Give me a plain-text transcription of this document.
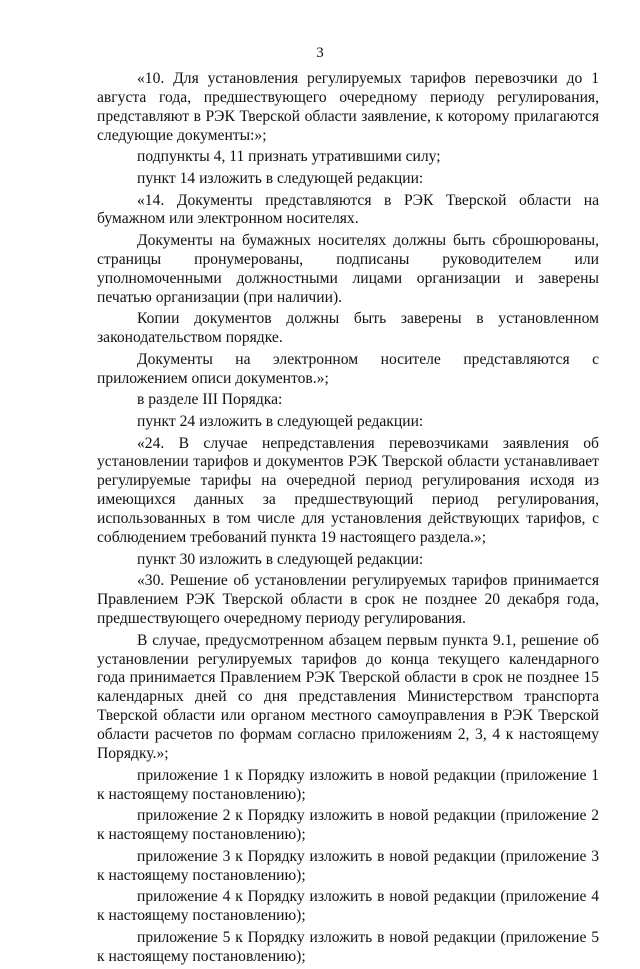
3

«10. Для установления регулируемых тарифов перевозчики до 1 августа года, предшествующего очередному периоду регулирования, представляют в РЭК Тверской области заявление, к которому прилагаются следующие документы:»;

подпункты 4, 11 признать утратившими силу;

пункт 14 изложить в следующей редакции:

«14. Документы представляются в РЭК Тверской области на бумажном или электронном носителях.

Документы на бумажных носителях должны быть сброшюрованы, страницы пронумерованы, подписаны руководителем или уполномоченными должностными лицами организации и заверены печатью организации (при наличии).

Копии документов должны быть заверены в установленном законодательством порядке.

Документы на электронном носителе представляются с приложением описи документов.»;

в разделе III Порядка:

пункт 24 изложить в следующей редакции:

«24. В случае непредставления перевозчиками заявления об установлении тарифов и документов РЭК Тверской области устанавливает регулируемые тарифы на очередной период регулирования исходя из имеющихся данных за предшествующий период регулирования, использованных в том числе для установления действующих тарифов, с соблюдением требований пункта 19 настоящего раздела.»;

пункт 30 изложить в следующей редакции:

«30. Решение об установлении регулируемых тарифов принимается Правлением РЭК Тверской области в срок не позднее 20 декабря года, предшествующего очередному периоду регулирования.

В случае, предусмотренном абзацем первым пункта 9.1, решение об установлении регулируемых тарифов до конца текущего календарного года принимается Правлением РЭК Тверской области в срок не позднее 15 календарных дней со дня представления Министерством транспорта Тверской области или органом местного самоуправления в РЭК Тверской области расчетов по формам согласно приложениям 2, 3, 4 к настоящему Порядку.»;

приложение 1 к Порядку изложить в новой редакции (приложение 1 к настоящему постановлению);

приложение 2 к Порядку изложить в новой редакции (приложение 2 к настоящему постановлению);

приложение 3 к Порядку изложить в новой редакции (приложение 3 к настоящему постановлению);

приложение 4 к Порядку изложить в новой редакции (приложение 4 к настоящему постановлению);

приложение 5 к Порядку изложить в новой редакции (приложение 5 к настоящему постановлению);
